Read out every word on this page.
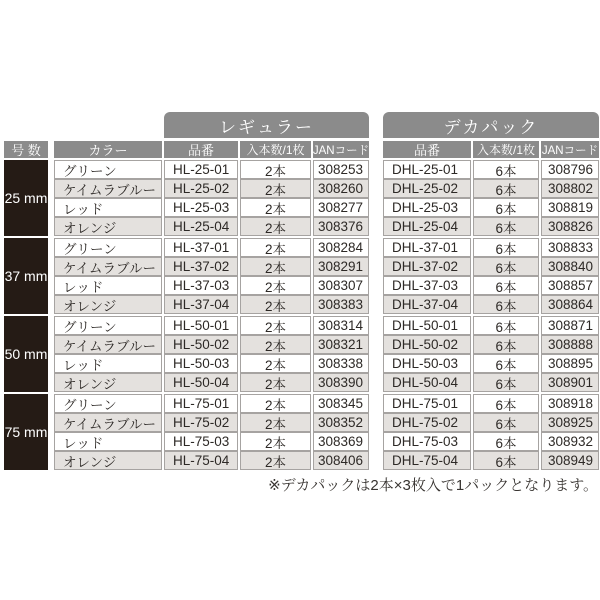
レギュラー	デカパック
号 数	カラー	品番	入本数/1枚 JANコード	品番	入本数/1枚 JANコード
25 mm
グリーン	HL-25-01	2本	308253	DHL-25-01	6本	308796
ケイムラブルー	HL-25-02	2本	308260	DHL-25-02	6本	308802
レッド	HL-25-03	2本	308277	DHL-25-03	6本	308819
オレンジ	HL-25-04	2本	308376	DHL-25-04	6本	308826
37 mm
グリーン	HL-37-01	2本	308284	DHL-37-01	6本	308833
ケイムラブルー	HL-37-02	2本	308291	DHL-37-02	6本	308840
レッド	HL-37-03	2本	308307	DHL-37-03	6本	308857
オレンジ	HL-37-04	2本	308383	DHL-37-04	6本	308864
50 mm
グリーン	HL-50-01	2本	308314	DHL-50-01	6本	308871
ケイムラブルー	HL-50-02	2本	308321	DHL-50-02	6本	308888
レッド	HL-50-03	2本	308338	DHL-50-03	6本	308895
オレンジ	HL-50-04	2本	308390	DHL-50-04	6本	308901
75 mm
グリーン	HL-75-01	2本	308345	DHL-75-01	6本	308918
ケイムラブルー	HL-75-02	2本	308352	DHL-75-02	6本	308925
レッド	HL-75-03	2本	308369	DHL-75-03	6本	308932
オレンジ	HL-75-04	2本	308406	DHL-75-04	6本	308949
※デカパックは2本×3枚入で1パックとなります。
